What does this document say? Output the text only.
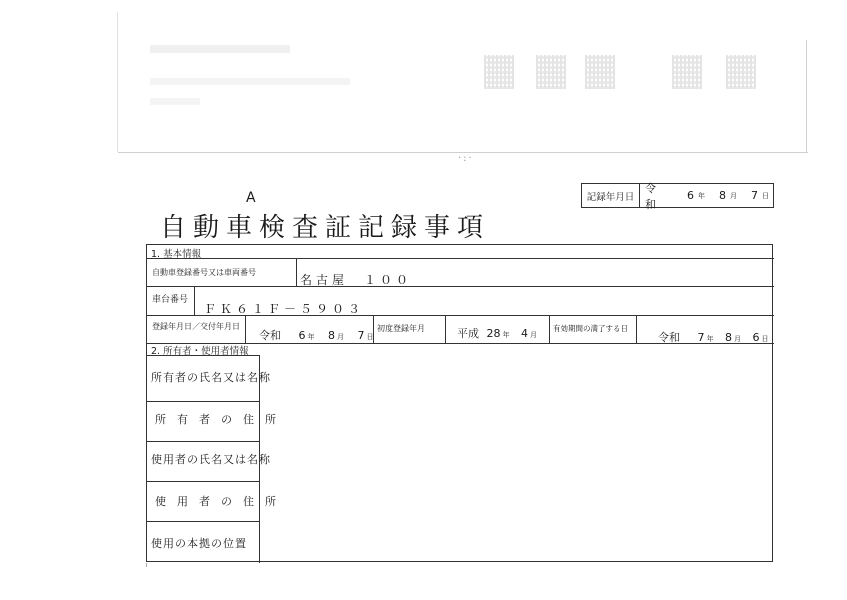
·:·
A
自動車検査証記録事項
記録年月日
令和
6 年 8 月 7 日
1. 基本情報
自動車登録番号又は車両番号
名古屋　１００
車台番号
ＦＫ６１Ｆ－５９０３
登録年月日／交付年月日
令和 6 年 8 月 7 日
初度登録年月	平成 28 年 4 月
有効期間の満了する日
令和 7 年 8 月 6 日
2. 所有者・使用者情報
所有者の氏名又は名称
所　有　者　の　住　所
使用者の氏名又は名称
使　用　者　の　住　所
使用の本拠の位置
